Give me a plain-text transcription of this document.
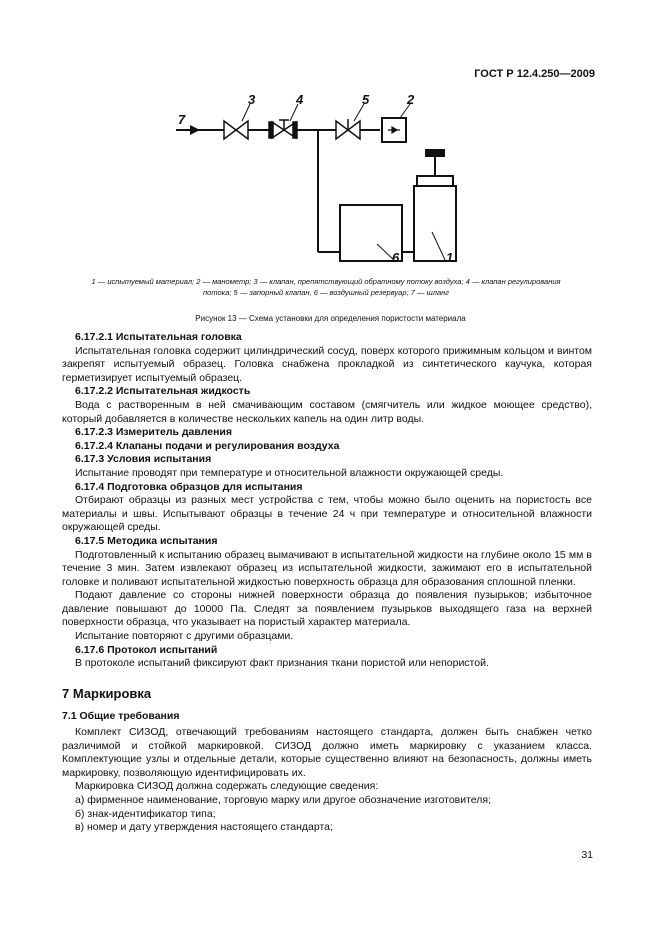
ГОСТ Р 12.4.250—2009
7
3	4	5	2
6	1
1 — испытуемый материал; 2 — манометр; 3 — клапан, препятствующий обратному потоку воздуха; 4 — клапан регулирования
потока; 5 — запорный клапан, 6 — воздушный резервуар; 7 — шланг
Рисунок 13 — Схема установки для определения пористости материала

6.17.2.1 Испытательная головка

Испытательная головка содержит цилиндрический сосуд, поверх которого прижимным кольцом и винтом закрепят испытуемый образец. Головка снабжена прокладкой из синтетического каучука, которая герметизирует испытуемый образец.

6.17.2.2 Испытательная жидкость

Вода с растворенным в ней смачивающим составом (смягчитель или жидкое моющее средство), который добавляется в количестве нескольких капель на один литр воды.

6.17.2.3 Измеритель давления

6.17.2.4 Клапаны подачи и регулирования воздуха

6.17.3 Условия испытания

Испытание проводят при температуре и относительной влажности окружающей среды.

6.17.4 Подготовка образцов для испытания

Отбирают образцы из разных мест устройства с тем, чтобы можно было оценить на пористость все материалы и швы. Испытывают образцы в течение 24 ч при температуре и относительной влажности окружающей среды.

6.17.5 Методика испытания

Подготовленный к испытанию образец вымачивают в испытательной жидкости на глубине около 15 мм в течение 3 мин. Затем извлекают образец из испытательной жидкости, зажимают его в испытательной головке и поливают испытательной жидкостью поверхность образца для образования сплошной пленки.

Подают давление со стороны нижней поверхности образца до появления пузырьков; избыточное давление повышают до 10000 Па. Следят за появлением пузырьков выходящего газа на верхней поверхности образца, что указывает на пористый характер материала.

Испытание повторяют с другими образцами.

6.17.6 Протокол испытаний

В протоколе испытаний фиксируют факт признания ткани пористой или непористой.

7 Маркировка

7.1 Общие требования

Комплект СИЗОД, отвечающий требованиям настоящего стандарта, должен быть снабжен четко различимой и стойкой маркировкой. СИЗОД должно иметь маркировку с указанием класса. Комплектующие узлы и отдельные детали, которые существенно влияют на безопасность, должны иметь маркировку, позволяющую идентифицировать их.

Маркировка СИЗОД должна содержать следующие сведения:

а) фирменное наименование, торговую марку или другое обозначение изготовителя;

б) знак-идентификатор типа;

в) номер и дату утверждения настоящего стандарта;

31
